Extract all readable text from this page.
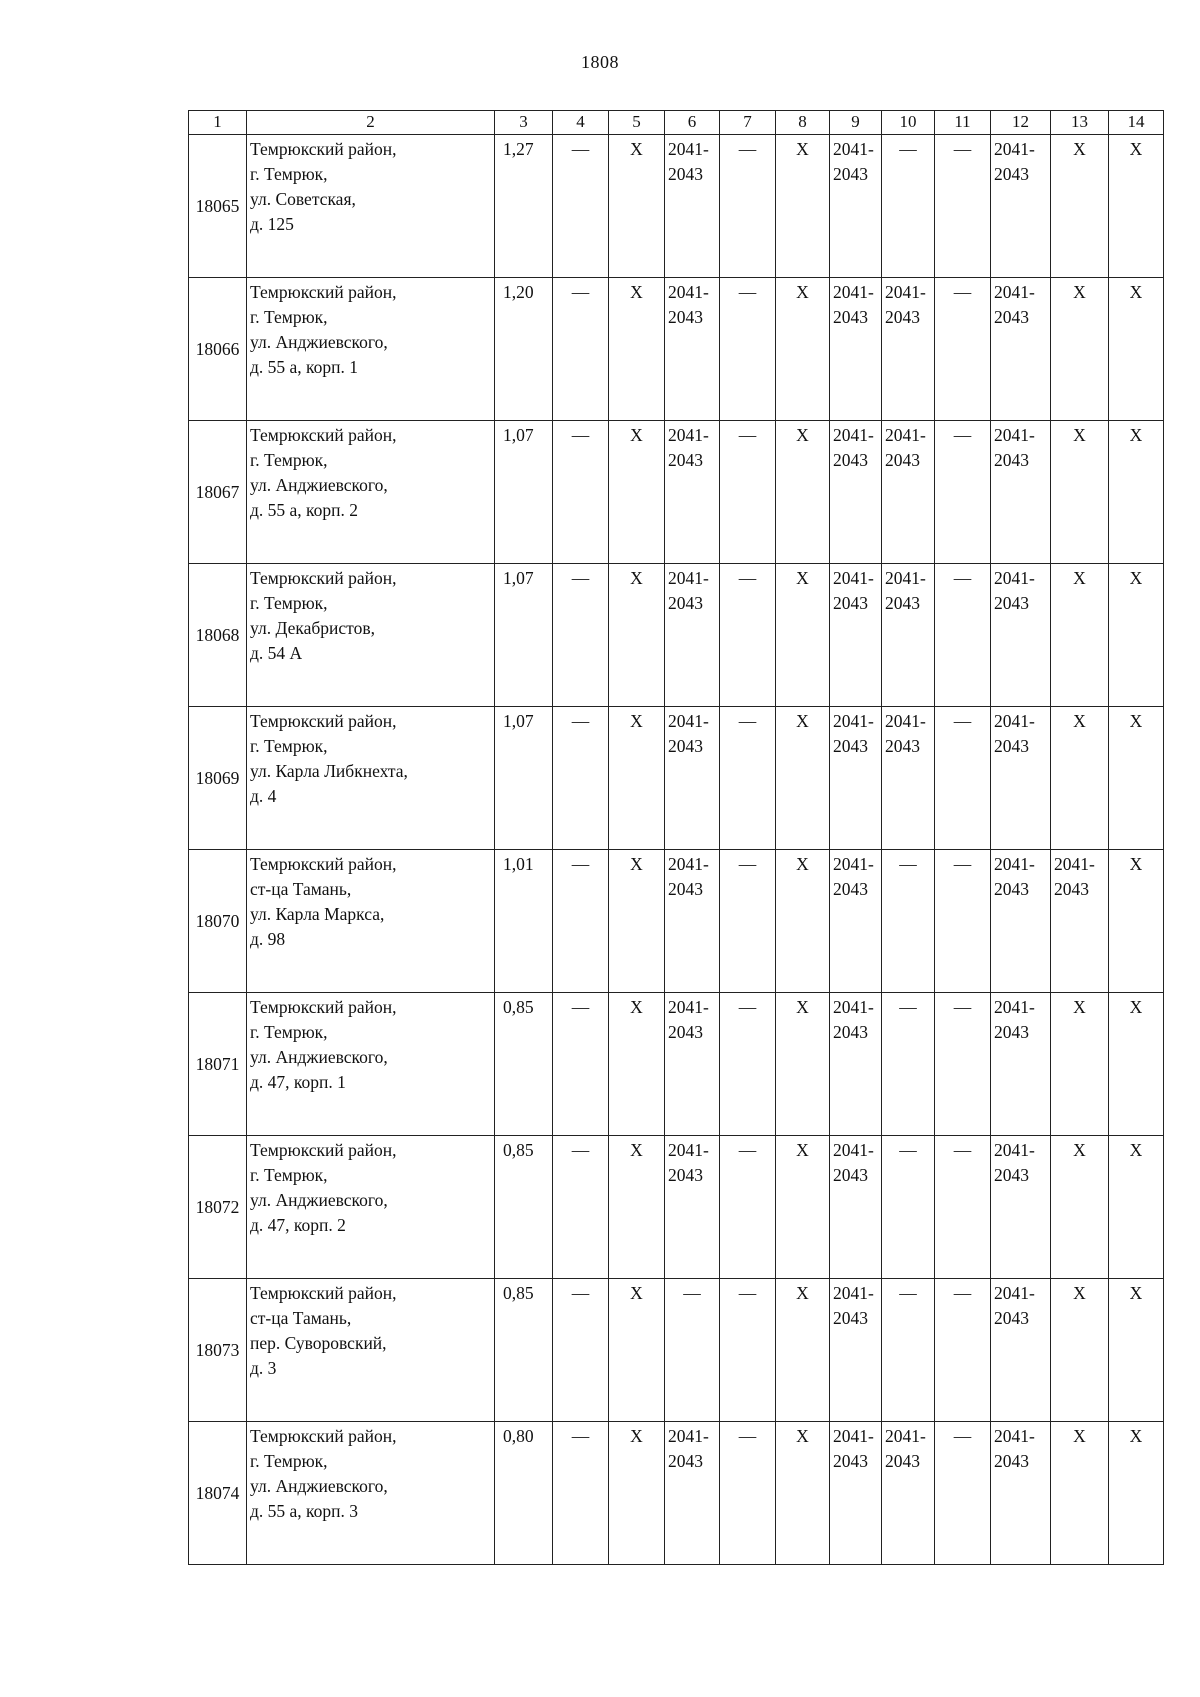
1808
1	2	3	4	5	6	7	8	9	10	11	12	13	14
18065	Темрюкский район,
г. Темрюк,
ул. Советская,
д. 125	1,27	—	Х	2041-
2043	—	Х	2041-
2043	—	—	2041-
2043	Х	Х
18066	Темрюкский район,
г. Темрюк,
ул. Анджиевского,
д. 55 а, корп. 1	1,20	—	Х	2041-
2043	—	Х	2041-
2043	2041-
2043	—	2041-
2043	Х	Х
18067	Темрюкский район,
г. Темрюк,
ул. Анджиевского,
д. 55 а, корп. 2	1,07	—	Х	2041-
2043	—	Х	2041-
2043	2041-
2043	—	2041-
2043	Х	Х
18068	Темрюкский район,
г. Темрюк,
ул. Декабристов,
д. 54 А	1,07	—	Х	2041-
2043	—	Х	2041-
2043	2041-
2043	—	2041-
2043	Х	Х
18069	Темрюкский район,
г. Темрюк,
ул. Карла Либкнехта,
д. 4	1,07	—	Х	2041-
2043	—	Х	2041-
2043	2041-
2043	—	2041-
2043	Х	Х
18070	Темрюкский район,
ст-ца Тамань,
ул. Карла Маркса,
д. 98	1,01	—	Х	2041-
2043	—	Х	2041-
2043	—	—	2041-
2043	2041-
2043	Х
18071	Темрюкский район,
г. Темрюк,
ул. Анджиевского,
д. 47, корп. 1	0,85	—	Х	2041-
2043	—	Х	2041-
2043	—	—	2041-
2043	Х	Х
18072	Темрюкский район,
г. Темрюк,
ул. Анджиевского,
д. 47, корп. 2	0,85	—	Х	2041-
2043	—	Х	2041-
2043	—	—	2041-
2043	Х	Х
18073	Темрюкский район,
ст-ца Тамань,
пер. Суворовский,
д. 3	0,85	—	Х	—	—	Х	2041-
2043	—	—	2041-
2043	Х	Х
18074	Темрюкский район,
г. Темрюк,
ул. Анджиевского,
д. 55 а, корп. 3	0,80	—	Х	2041-
2043	—	Х	2041-
2043	2041-
2043	—	2041-
2043	Х	Х
